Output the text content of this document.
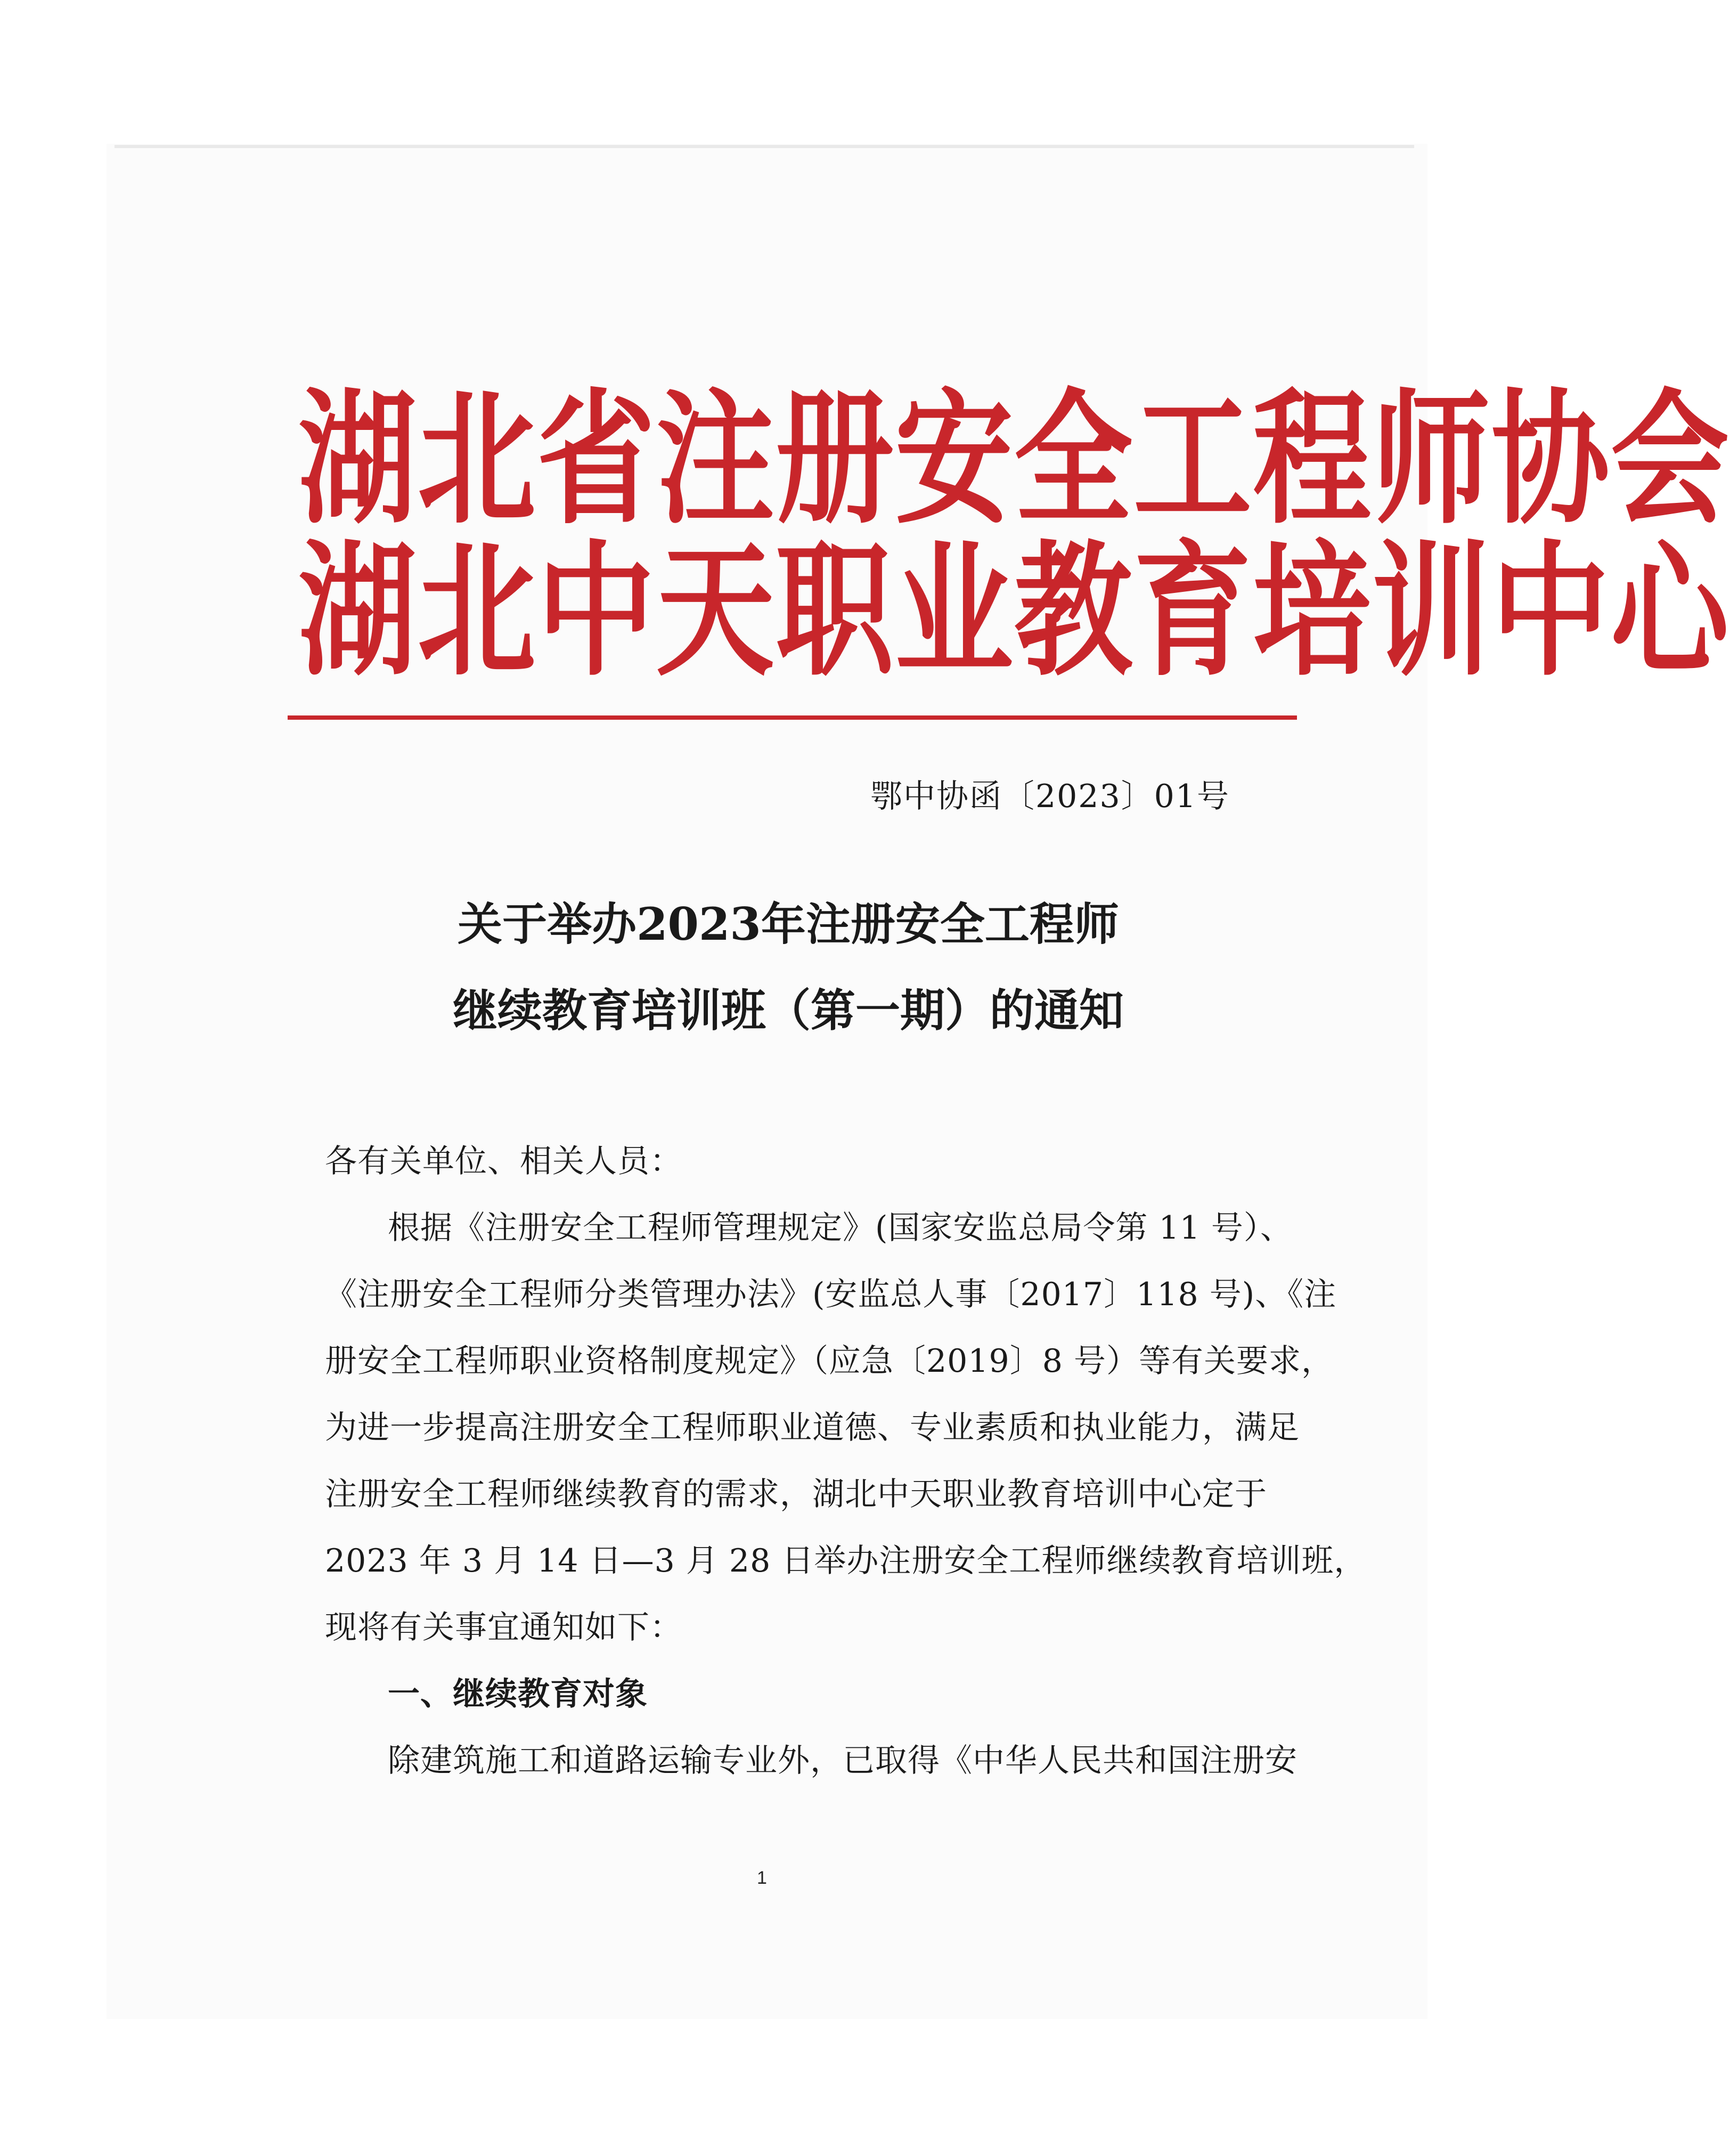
湖北省注册安全工程师协会
湖北中天职业教育培训中心
鄂中协函〔2023〕01号
关于举办2023年注册安全工程师
继续教育培训班（第一期）的通知
各有关单位、相关人员：
根据《注册安全工程师管理规定》(国家安监总局令第 11 号）、
《注册安全工程师分类管理办法》(安监总人事〔2017〕118 号)、《注
册安全工程师职业资格制度规定》（应急〔2019〕8 号）等有关要求，
为进一步提高注册安全工程师职业道德、专业素质和执业能力，满足
注册安全工程师继续教育的需求，湖北中天职业教育培训中心定于
2023 年 3 月 14 日—3 月 28 日举办注册安全工程师继续教育培训班，
现将有关事宜通知如下：
一、继续教育对象
除建筑施工和道路运输专业外，已取得《中华人民共和国注册安
1
